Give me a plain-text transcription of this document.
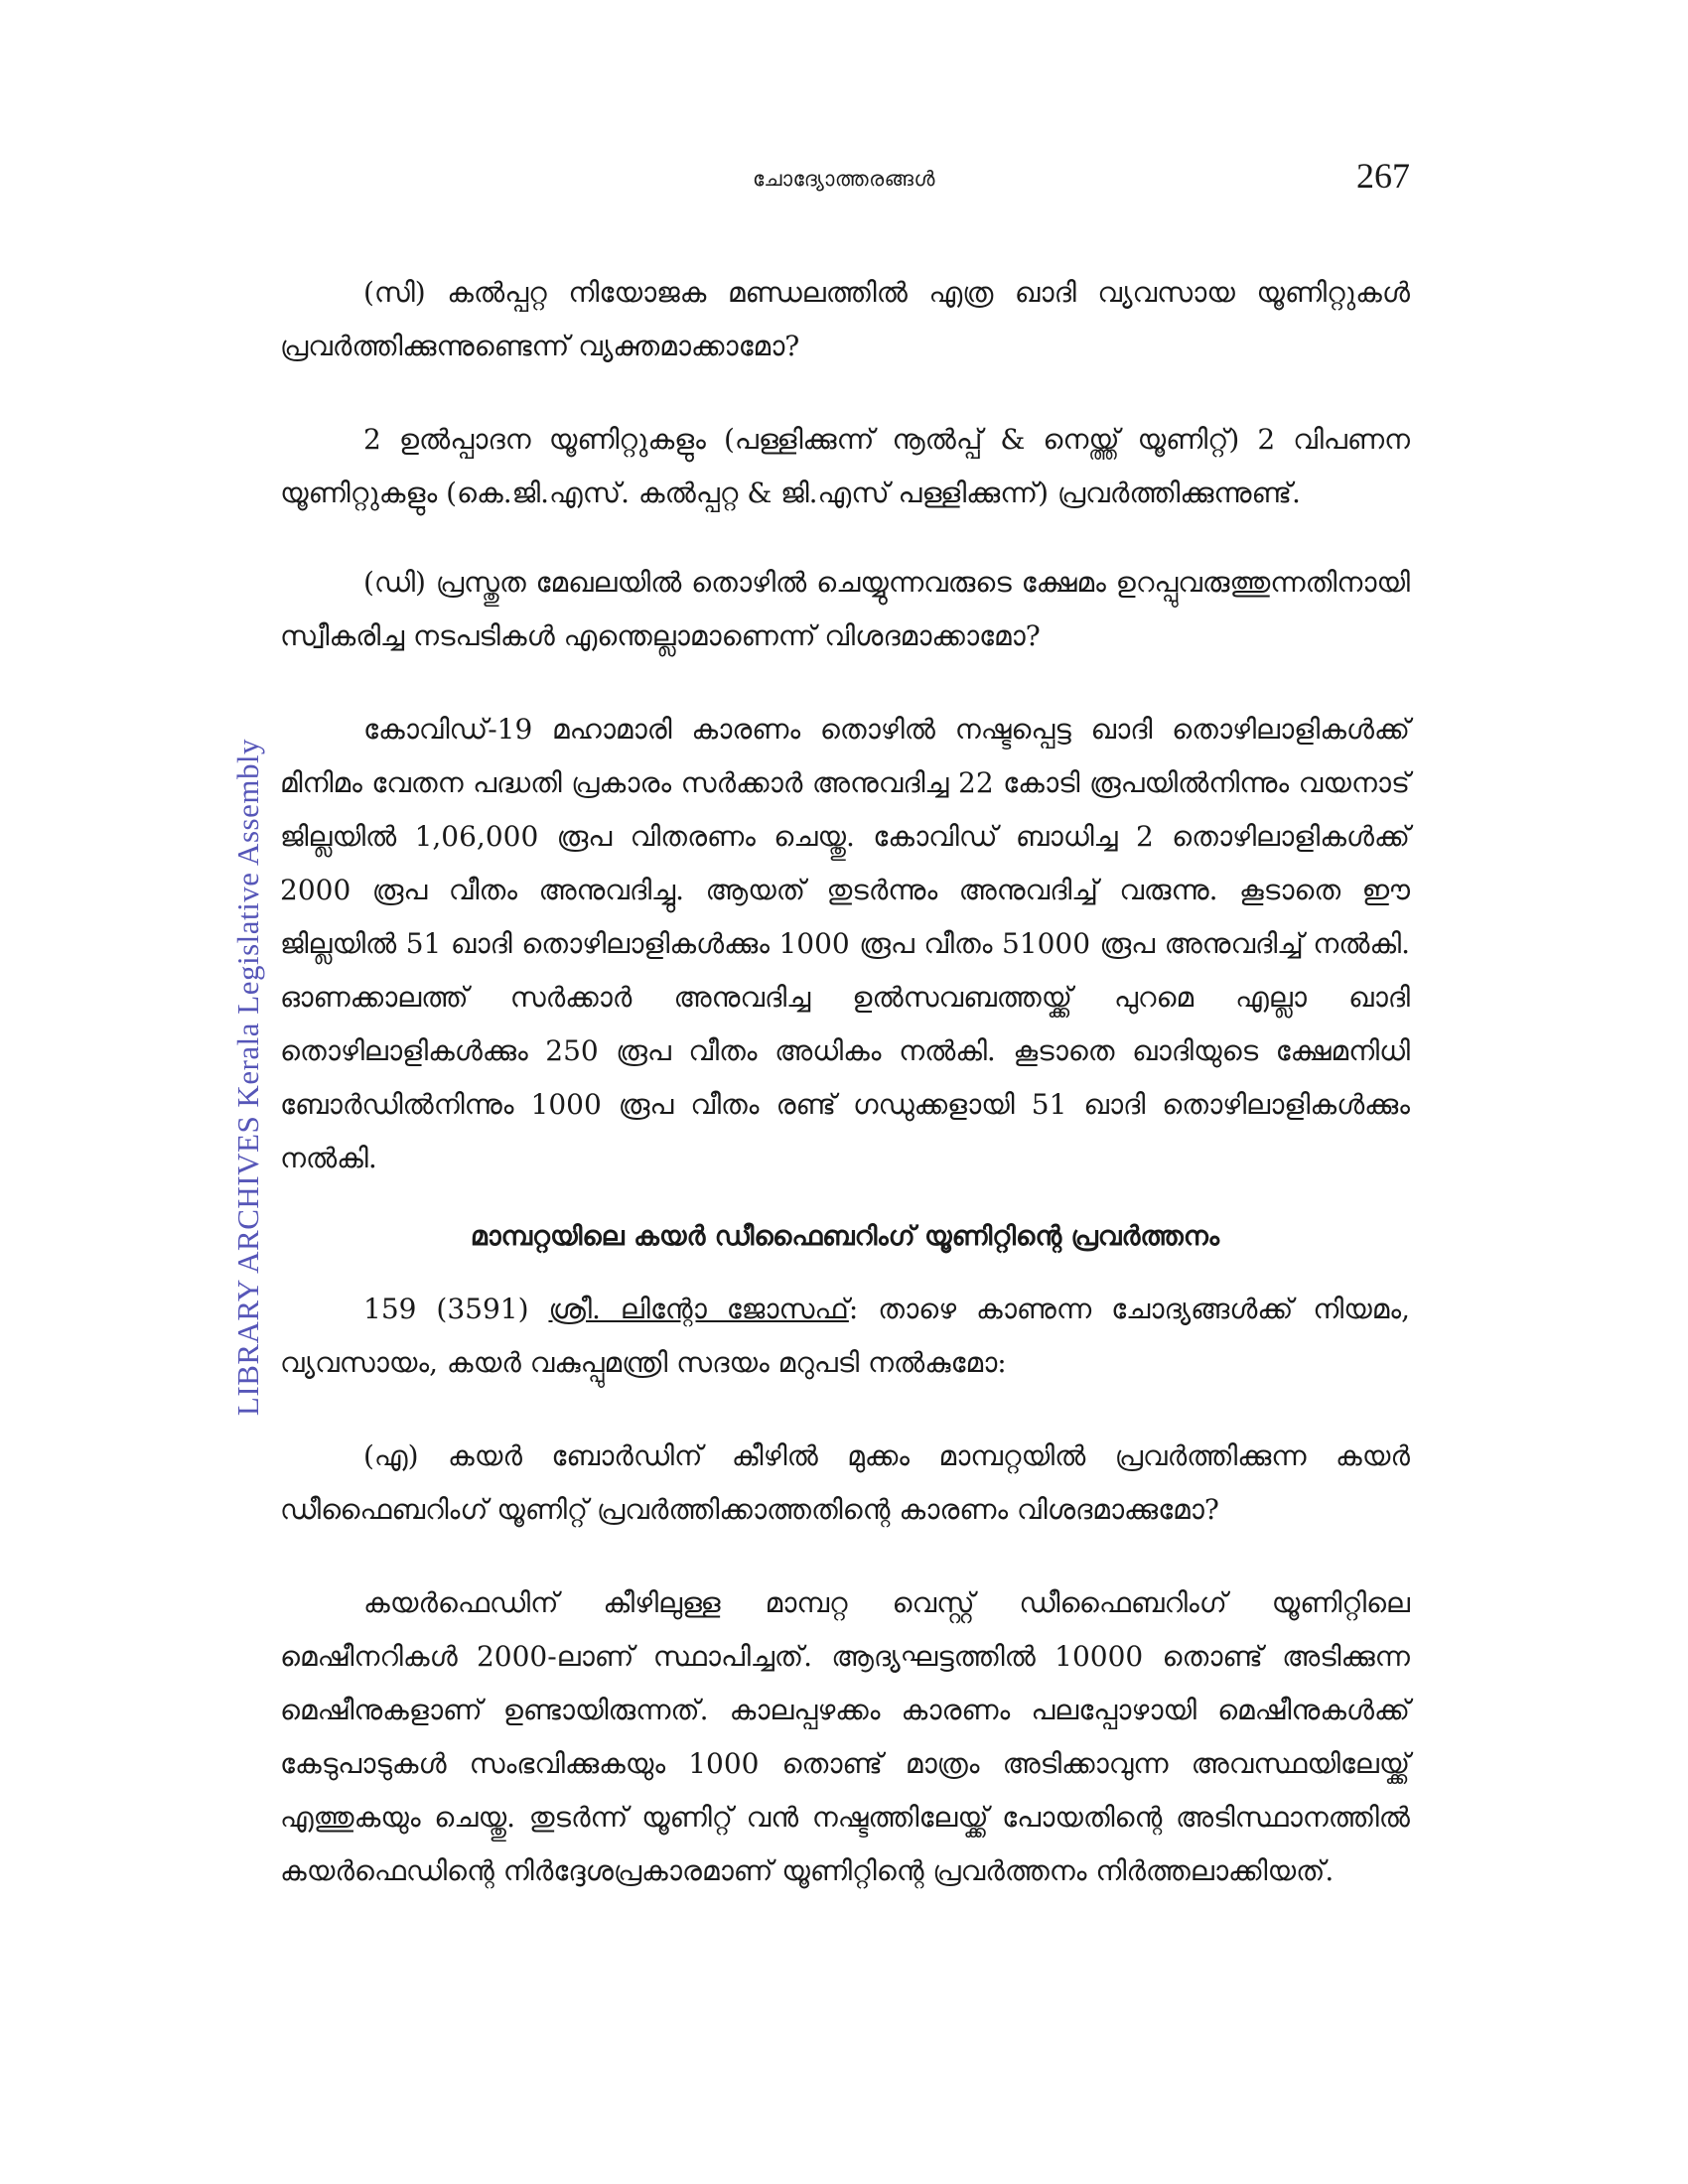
ചോദ്യോത്തരങ്ങൾ	267
LIBRARY ARCHIVES Kerala Legislative Assembly

(സി) കൽപ്പറ്റ നിയോജക മണ്ഡലത്തിൽ എത്ര ഖാദി വ്യവസായ യൂണിറ്റുകൾ പ്രവർത്തിക്കുന്നുണ്ടെന്ന് വ്യക്തമാക്കാമോ?

2 ഉൽപ്പാദന യൂണിറ്റുകളും (പള്ളിക്കുന്ന് നൂൽപ്പ് & നെയ്ത്ത് യൂണിറ്റ്) 2 വിപണന യൂണിറ്റുകളും (കെ.ജി.എസ്. കൽപ്പറ്റ & ജി.എസ് പള്ളിക്കുന്ന്) പ്രവർത്തിക്കുന്നുണ്ട്.

(ഡി) പ്രസ്തുത മേഖലയിൽ തൊഴിൽ ചെയ്യുന്നവരുടെ ക്ഷേമം ഉറപ്പുവരുത്തുന്നതിനായി സ്വീകരിച്ച നടപടികൾ എന്തെല്ലാമാണെന്ന് വിശദമാക്കാമോ?

കോവിഡ്-19 മഹാമാരി കാരണം തൊഴിൽ നഷ്ടപ്പെട്ട ഖാദി തൊഴിലാളികൾക്ക് മിനിമം വേതന പദ്ധതി പ്രകാരം സർക്കാർ അനുവദിച്ച 22 കോടി രൂപയിൽനിന്നും വയനാട് ജില്ലയിൽ 1,06,000 രൂപ വിതരണം ചെയ്തു. കോവിഡ് ബാധിച്ച 2 തൊഴിലാളികൾക്ക് 2000 രൂപ വീതം അനുവദിച്ചു. ആയത് തുടർന്നും അനുവദിച്ച് വരുന്നു. കൂടാതെ ഈ ജില്ലയിൽ 51 ഖാദി തൊഴിലാളികൾക്കും 1000 രൂപ വീതം 51000 രൂപ അനുവദിച്ച് നൽകി. ഓണക്കാലത്ത് സർക്കാർ അനുവദിച്ച ഉൽസവബത്തയ്ക്ക് പുറമെ എല്ലാ ഖാദി തൊഴിലാളികൾക്കും 250 രൂപ വീതം അധികം നൽകി. കൂടാതെ ഖാദിയുടെ ക്ഷേമനിധി ബോർഡിൽനിന്നും 1000 രൂപ വീതം രണ്ട് ഗഡുക്കളായി 51 ഖാദി തൊഴിലാളികൾക്കും നൽകി.

മാമ്പറ്റയിലെ കയർ ഡീഫൈബറിംഗ് യൂണിറ്റിന്റെ പ്രവർത്തനം

159 (3591) ശ്രീ. ലിന്റോ ജോസഫ്: താഴെ കാണുന്ന ചോദ്യങ്ങൾക്ക് നിയമം, വ്യവസായം, കയർ വകുപ്പുമന്ത്രി സദയം മറുപടി നൽകുമോ:

(എ) കയർ ബോർഡിന് കീഴിൽ മുക്കം മാമ്പറ്റയിൽ പ്രവർത്തിക്കുന്ന കയർ ഡീഫൈബറിംഗ് യൂണിറ്റ് പ്രവർത്തിക്കാത്തതിന്റെ കാരണം വിശദമാക്കുമോ?

കയർഫെഡിന് കീഴിലുള്ള മാമ്പറ്റ വെസ്റ്റ് ഡീഫൈബറിംഗ് യൂണിറ്റിലെ മെഷീനറികൾ 2000-ലാണ് സ്ഥാപിച്ചത്. ആദ്യഘട്ടത്തിൽ 10000 തൊണ്ട് അടിക്കുന്ന മെഷീനുകളാണ് ഉണ്ടായിരുന്നത്. കാലപ്പഴക്കം കാരണം പലപ്പോഴായി മെഷീനുകൾക്ക് കേടുപാടുകൾ സംഭവിക്കുകയും 1000 തൊണ്ട് മാത്രം അടിക്കാവുന്ന അവസ്ഥയിലേയ്ക്ക് എത്തുകയും ചെയ്തു. തുടർന്ന് യൂണിറ്റ് വൻ നഷ്ടത്തിലേയ്ക്ക് പോയതിന്റെ അടിസ്ഥാനത്തിൽ കയർഫെഡിന്റെ നിർദ്ദേശപ്രകാരമാണ് യൂണിറ്റിന്റെ പ്രവർത്തനം നിർത്തലാക്കിയത്.
